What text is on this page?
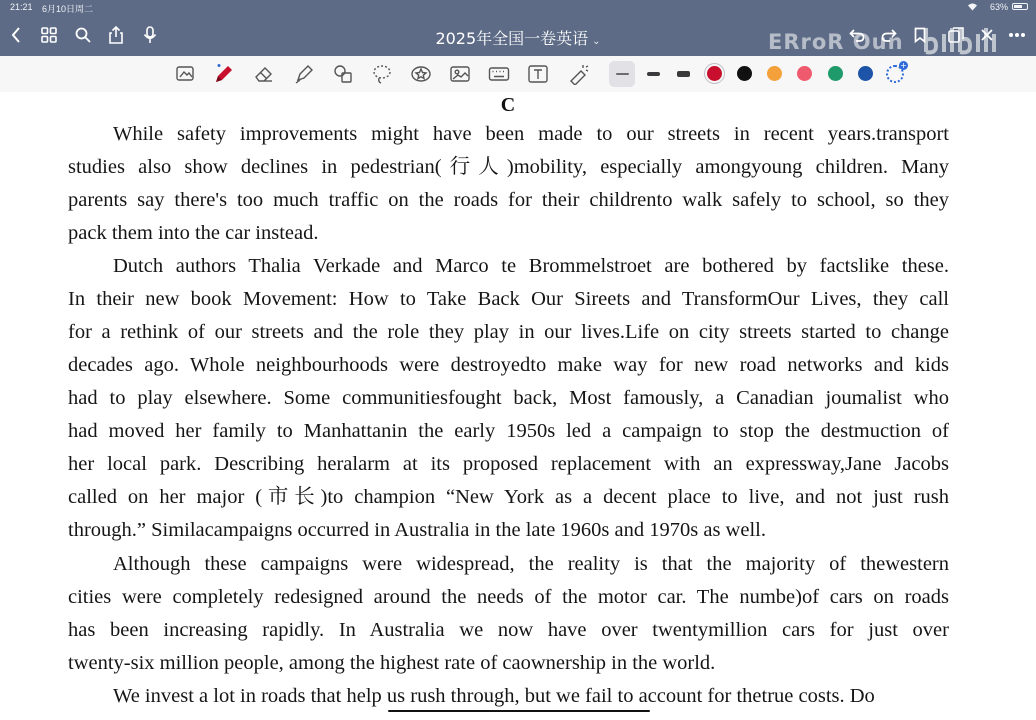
21:21 6月10日周二	63%
2025年全国一卷英语 ⌄	ERroR Oun
+
C
While safety improvements might have been made to our streets in recent years.transport
studies also show declines in pedestrian(行人)mobility, especially amongyoung children. Many
parents say there's too much traffic on the roads for their childrento walk safely to school, so they
pack them into the car instead.
Dutch authors Thalia Verkade and Marco te Brommelstroet are bothered by factslike these.
In their new book Movement: How to Take Back Our Sireets and TransformOur Lives, they call
for a rethink of our streets and the role they play in our lives.Life on city streets started to change
decades ago. Whole neighbourhoods were destroyedto make way for new road networks and kids
had to play elsewhere. Some communitiesfought back, Most famously, a Canadian joumalist who
had moved her family to Manhattanin the early 1950s led a campaign to stop the destmuction of
her local park. Describing heralarm at its proposed replacement with an expressway,Jane Jacobs
called on her major (市长)to champion “New York as a decent place to live, and not just rush
through.” Similacampaigns occurred in Australia in the late 1960s and 1970s as well.
Although these campaigns were widespread, the reality is that the majority of thewestern
cities were completely redesigned around the needs of the motor car. The numbe)of cars on roads
has been increasing rapidly. In Australia we now have over twentymillion cars for just over
twenty-six million people, among the highest rate of caownership in the world.
We invest a lot in roads that help us rush through, but we fail to account for thetrue costs. Do
